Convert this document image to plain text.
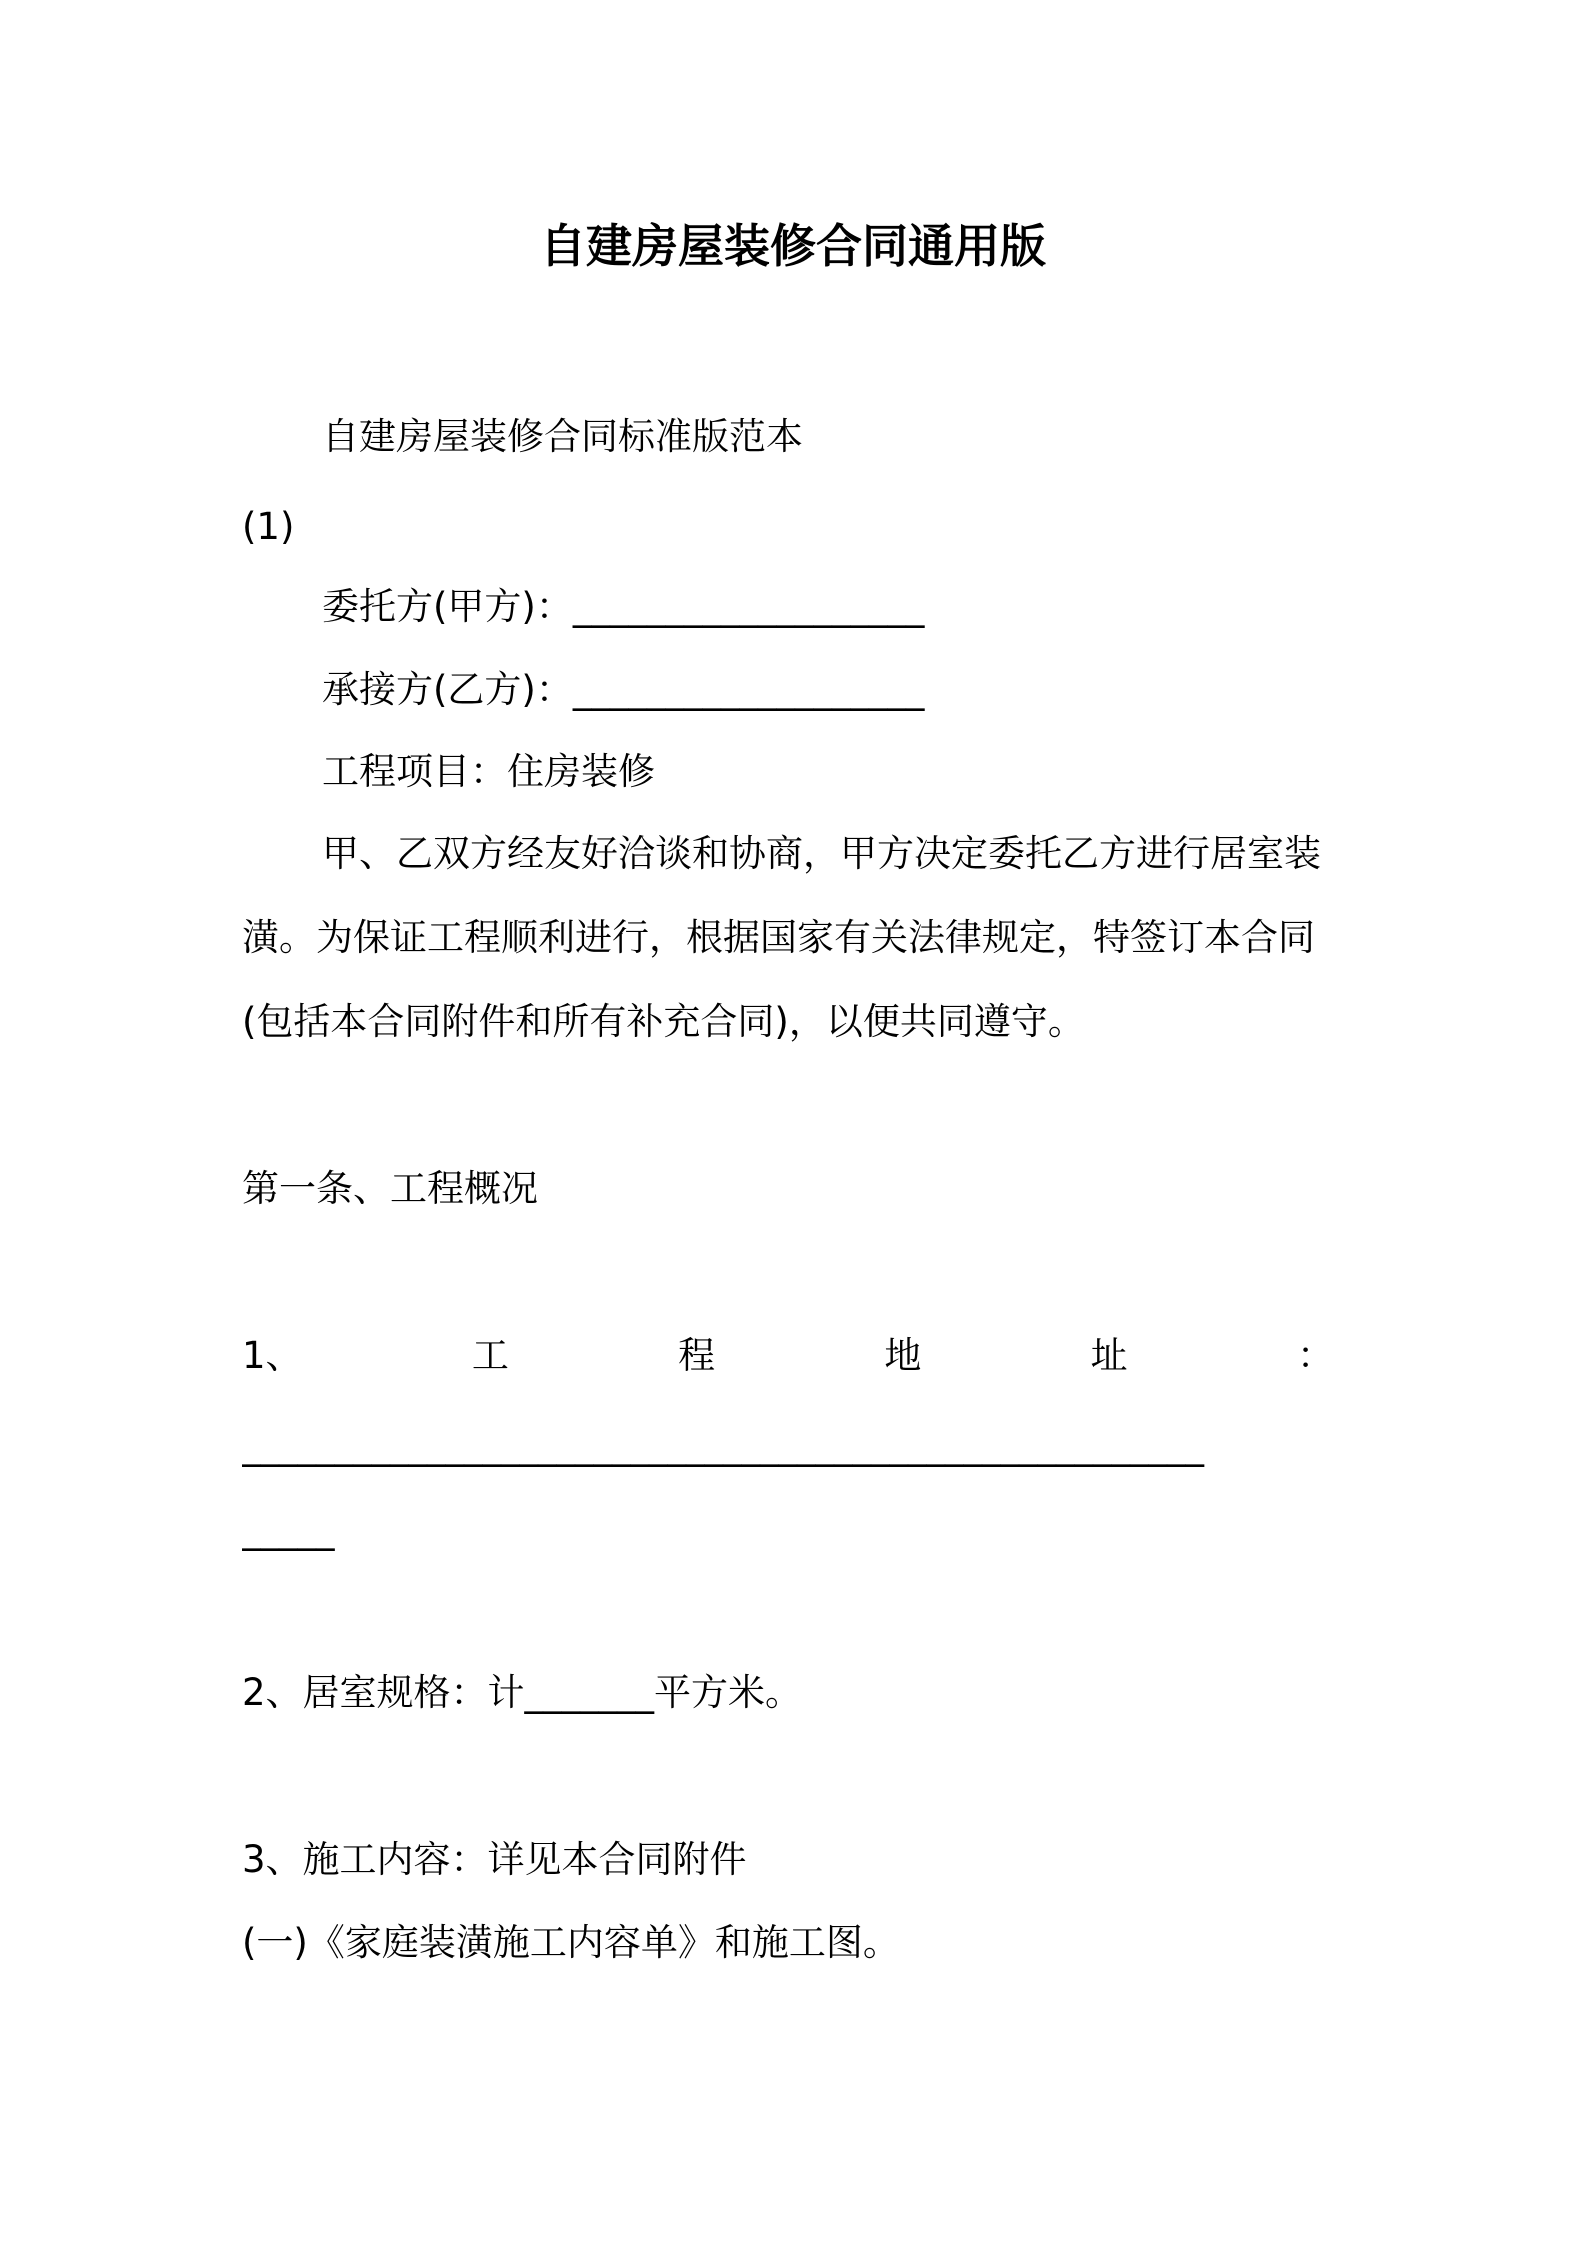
自建房屋装修合同通用版
自建房屋装修合同标准版范本
(1)
委托方(甲方)：___________________
承接方(乙方)：___________________
工程项目：住房装修
甲、乙双方经友好洽谈和协商，甲方决定委托乙方进行居室装潢。为保证工程顺利进行，根据国家有关法律规定，特签订本合同(包括本合同附件和所有补充合同)，以便共同遵守。
第一条、工程概况
1、	工	程	地	址	：
____________________________________________________
_____
2、居室规格：计_______平方米。
3、施工内容：详见本合同附件
(一)《家庭装潢施工内容单》和施工图。
